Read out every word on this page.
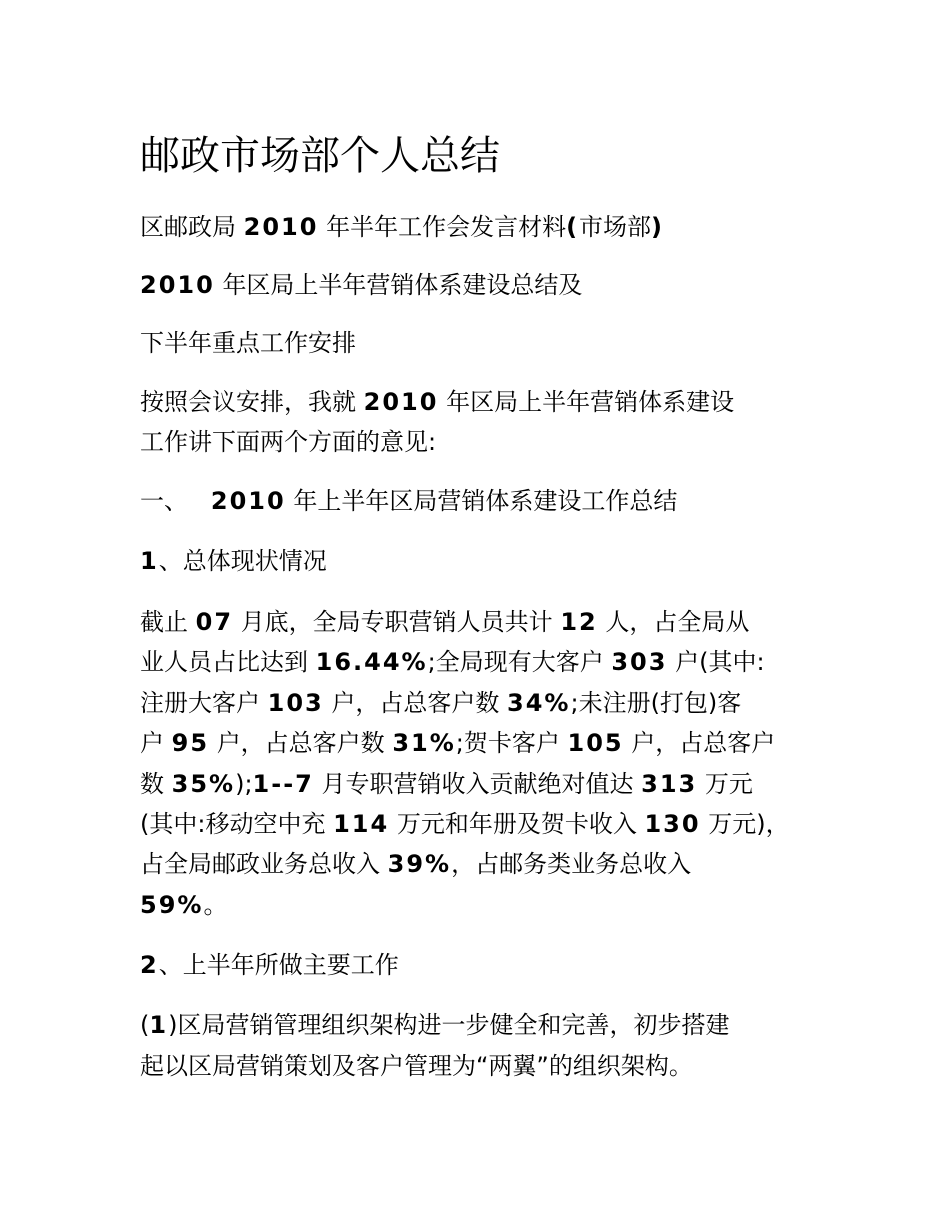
邮政市场部个人总结

区邮政局 2010 年半年工作会发言材料(市场部)

2010 年区局上半年营销体系建设总结及

下半年重点工作安排

按照会议安排，我就 2010 年区局上半年营销体系建设

工作讲下面两个方面的意见:

一、 2010 年上半年区局营销体系建设工作总结

1、总体现状情况

截止 07 月底，全局专职营销人员共计 12 人，占全局从

业人员占比达到 16.44%;全局现有大客户 303 户(其中:

注册大客户 103 户，占总客户数 34%;未注册(打包)客

户 95 户，占总客户数 31%;贺卡客户 105 户，占总客户

数 35%);1--7 月专职营销收入贡献绝对值达 313 万元

(其中:移动空中充 114 万元和年册及贺卡收入 130 万元)，

占全局邮政业务总收入 39%，占邮务类业务总收入

59%。

2、上半年所做主要工作

(1)区局营销管理组织架构进一步健全和完善，初步搭建

起以区局营销策划及客户管理为“两翼”的组织架构。
